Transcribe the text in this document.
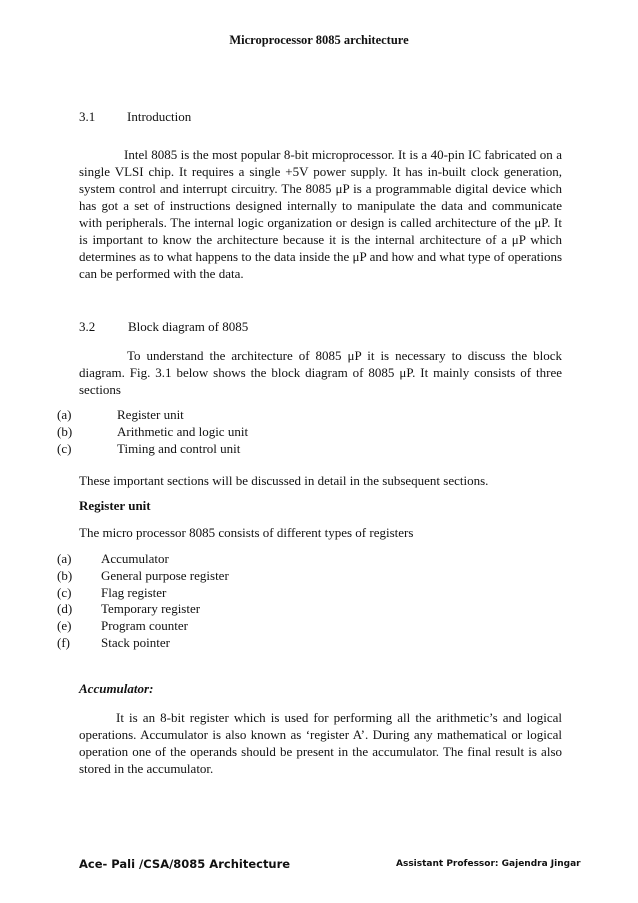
Microprocessor 8085 architecture
3.1 Introduction

Intel 8085 is the most popular 8-bit microprocessor. It is a 40-pin IC fabricated on a single VLSI chip. It requires a single +5V power supply. It has in-built clock generation, system control and interrupt circuitry. The 8085 μP is a programmable digital device which has got a set of instructions designed internally to manipulate the data and communicate with peripherals. The internal logic organization or design is called architecture of the μP. It is important to know the architecture because it is the internal architecture of a μP which determines as to what happens to the data inside the μP and how and what type of operations can be performed with the data.

3.2	Block diagram of 8085

To understand the architecture of 8085 μP it is necessary to discuss the block diagram. Fig. 3.1 below shows the block diagram of 8085 μP. It mainly consists of three sections

(a)	Register unit
(b)	Arithmetic and logic unit
(c)	Timing and control unit

These important sections will be discussed in detail in the subsequent sections.

Register unit

The micro processor 8085 consists of different types of registers

(a) Accumulator
(b) General purpose register
(c) Flag register
(d) Temporary register
(e) Program counter
(f) Stack pointer

Accumulator:

It is an 8-bit register which is used for performing all the arithmetic’s and logical operations. Accumulator is also known as ‘register A’. During any mathematical or logical operation one of the operands should be present in the accumulator. The final result is also stored in the accumulator.

Ace- Pali /CSA/8085 Architecture	Assistant Professor: Gajendra Jingar
